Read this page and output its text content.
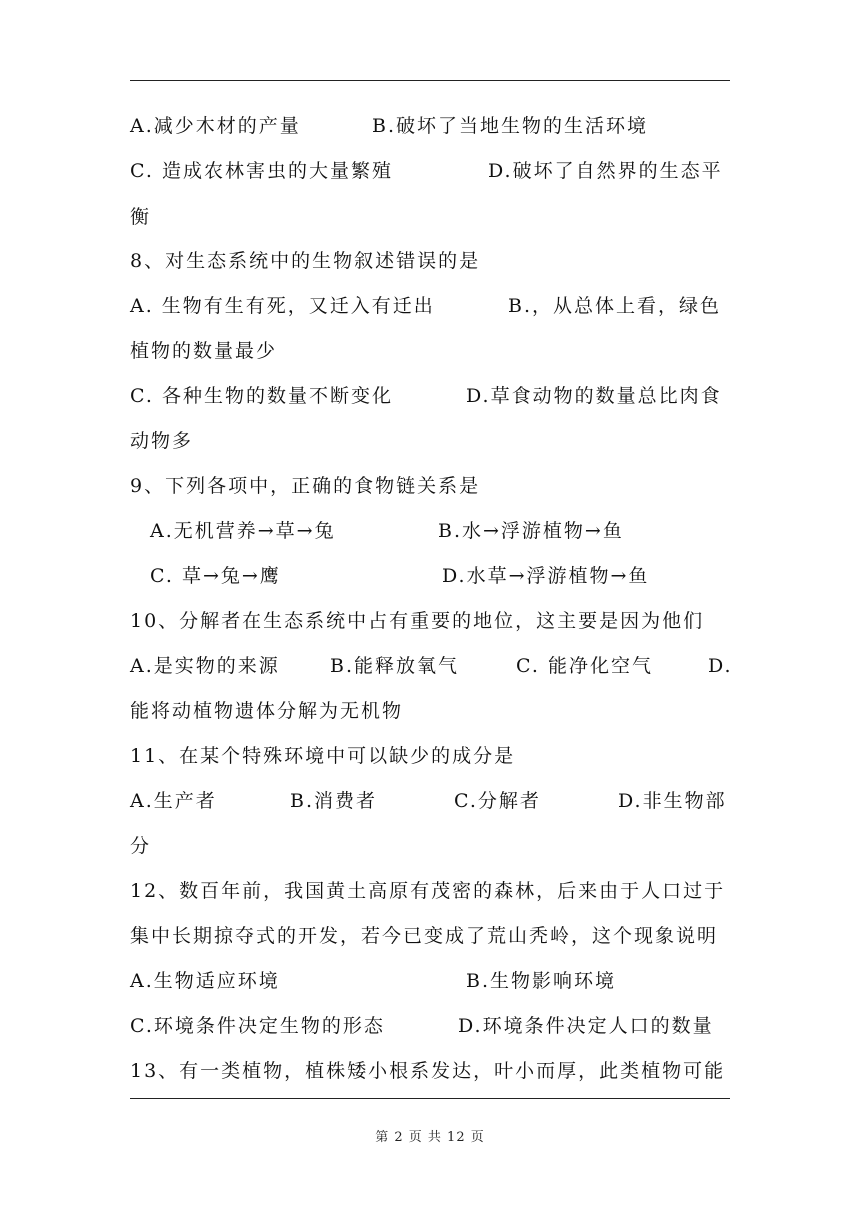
A.减少木材的产量	B.破坏了当地生物的生活环境
C. 造成农林害虫的大量繁殖	D.破坏了自然界的生态平
衡
8、对生态系统中的生物叙述错误的是
A. 生物有生有死，又迁入有迁出	B.，从总体上看，绿色
植物的数量最少
C. 各种生物的数量不断变化	D.草食动物的数量总比肉食
动物多
9、下列各项中，正确的食物链关系是
A.无机营养→草→兔	B.水→浮游植物→鱼
C. 草→兔→鹰	D.水草→浮游植物→鱼
10、分解者在生态系统中占有重要的地位，这主要是因为他们
A.是实物的来源	B.能释放氧气	C. 能净化空气	D.
能将动植物遗体分解为无机物
11、在某个特殊环境中可以缺少的成分是
A.生产者	B.消费者	C.分解者	D.非生物部
分
12、数百年前，我国黄土高原有茂密的森林，后来由于人口过于
集中长期掠夺式的开发，若今已变成了荒山秃岭，这个现象说明
A.生物适应环境	B.生物影响环境
C.环境条件决定生物的形态	D.环境条件决定人口的数量
13、有一类植物，植株矮小根系发达，叶小而厚，此类植物可能
第 2 页 共 12 页
